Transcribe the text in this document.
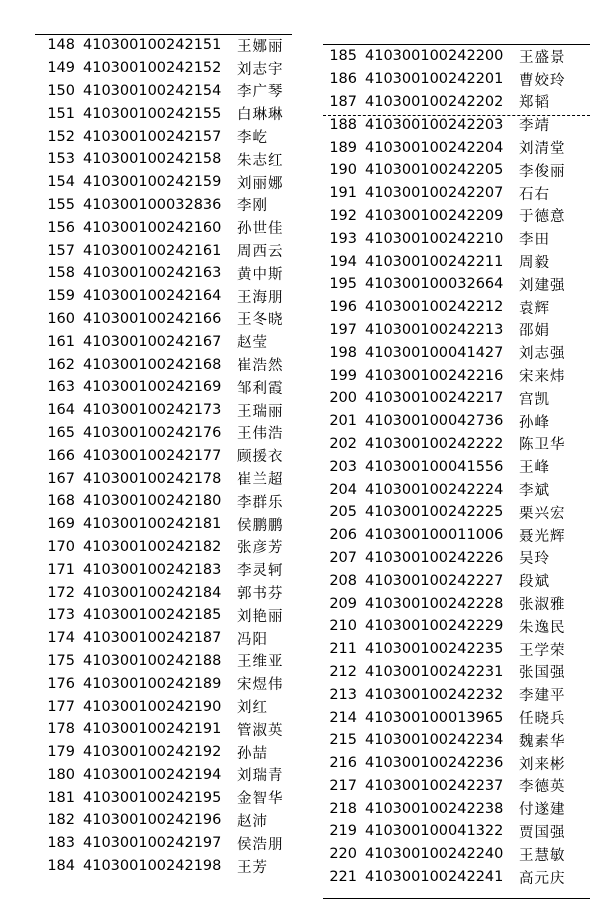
148 410300100242151	王娜丽
149 410300100242152	刘志宇
150 410300100242154	李广琴
151 410300100242155	白琳琳
152 410300100242157	李屹
153 410300100242158	朱志红
154 410300100242159	刘丽娜
155 410300100032836	李刚
156 410300100242160	孙世佳
157 410300100242161	周西云
158 410300100242163	黄中斯
159 410300100242164	王海朋
160 410300100242166	王冬晓
161 410300100242167	赵莹
162 410300100242168	崔浩然
163 410300100242169	邹利霞
164 410300100242173	王瑞丽
165 410300100242176	王伟浩
166 410300100242177	顾援衣
167 410300100242178	崔兰超
168 410300100242180	李群乐
169 410300100242181	侯鹏鹏
170 410300100242182	张彦芳
171 410300100242183	李灵轲
172 410300100242184	郭书芬
173 410300100242185	刘艳丽
174 410300100242187	冯阳
175 410300100242188	王维亚
176 410300100242189	宋煜伟
177 410300100242190	刘红
178 410300100242191	管淑英
179 410300100242192	孙喆
180 410300100242194	刘瑞青
181 410300100242195	金智华
182 410300100242196	赵沛
183 410300100242197	侯浩朋
184 410300100242198	王芳
185 410300100242200	王盛景
186 410300100242201	曹姣玲
187 410300100242202	郑韬
188 410300100242203	李靖
189 410300100242204	刘清堂
190 410300100242205	李俊丽
191 410300100242207	石右
192 410300100242209	于德意
193 410300100242210	李田
194 410300100242211	周毅
195 410300100032664	刘建强
196 410300100242212	袁辉
197 410300100242213	邵娟
198 410300100041427	刘志强
199 410300100242216	宋来炜
200 410300100242217	宫凯
201 410300100042736	孙峰
202 410300100242222	陈卫华
203 410300100041556	王峰
204 410300100242224	李斌
205 410300100242225	栗兴宏
206 410300100011006	聂光辉
207 410300100242226	吴玲
208 410300100242227	段斌
209 410300100242228	张淑雅
210 410300100242229	朱逸民
211 410300100242235	王学荣
212 410300100242231	张国强
213 410300100242232	李建平
214 410300100013965	任晓兵
215 410300100242234	魏素华
216 410300100242236	刘来彬
217 410300100242237	李德英
218 410300100242238	付遂建
219 410300100041322	贾国强
220 410300100242240	王慧敏
221 410300100242241	高元庆
